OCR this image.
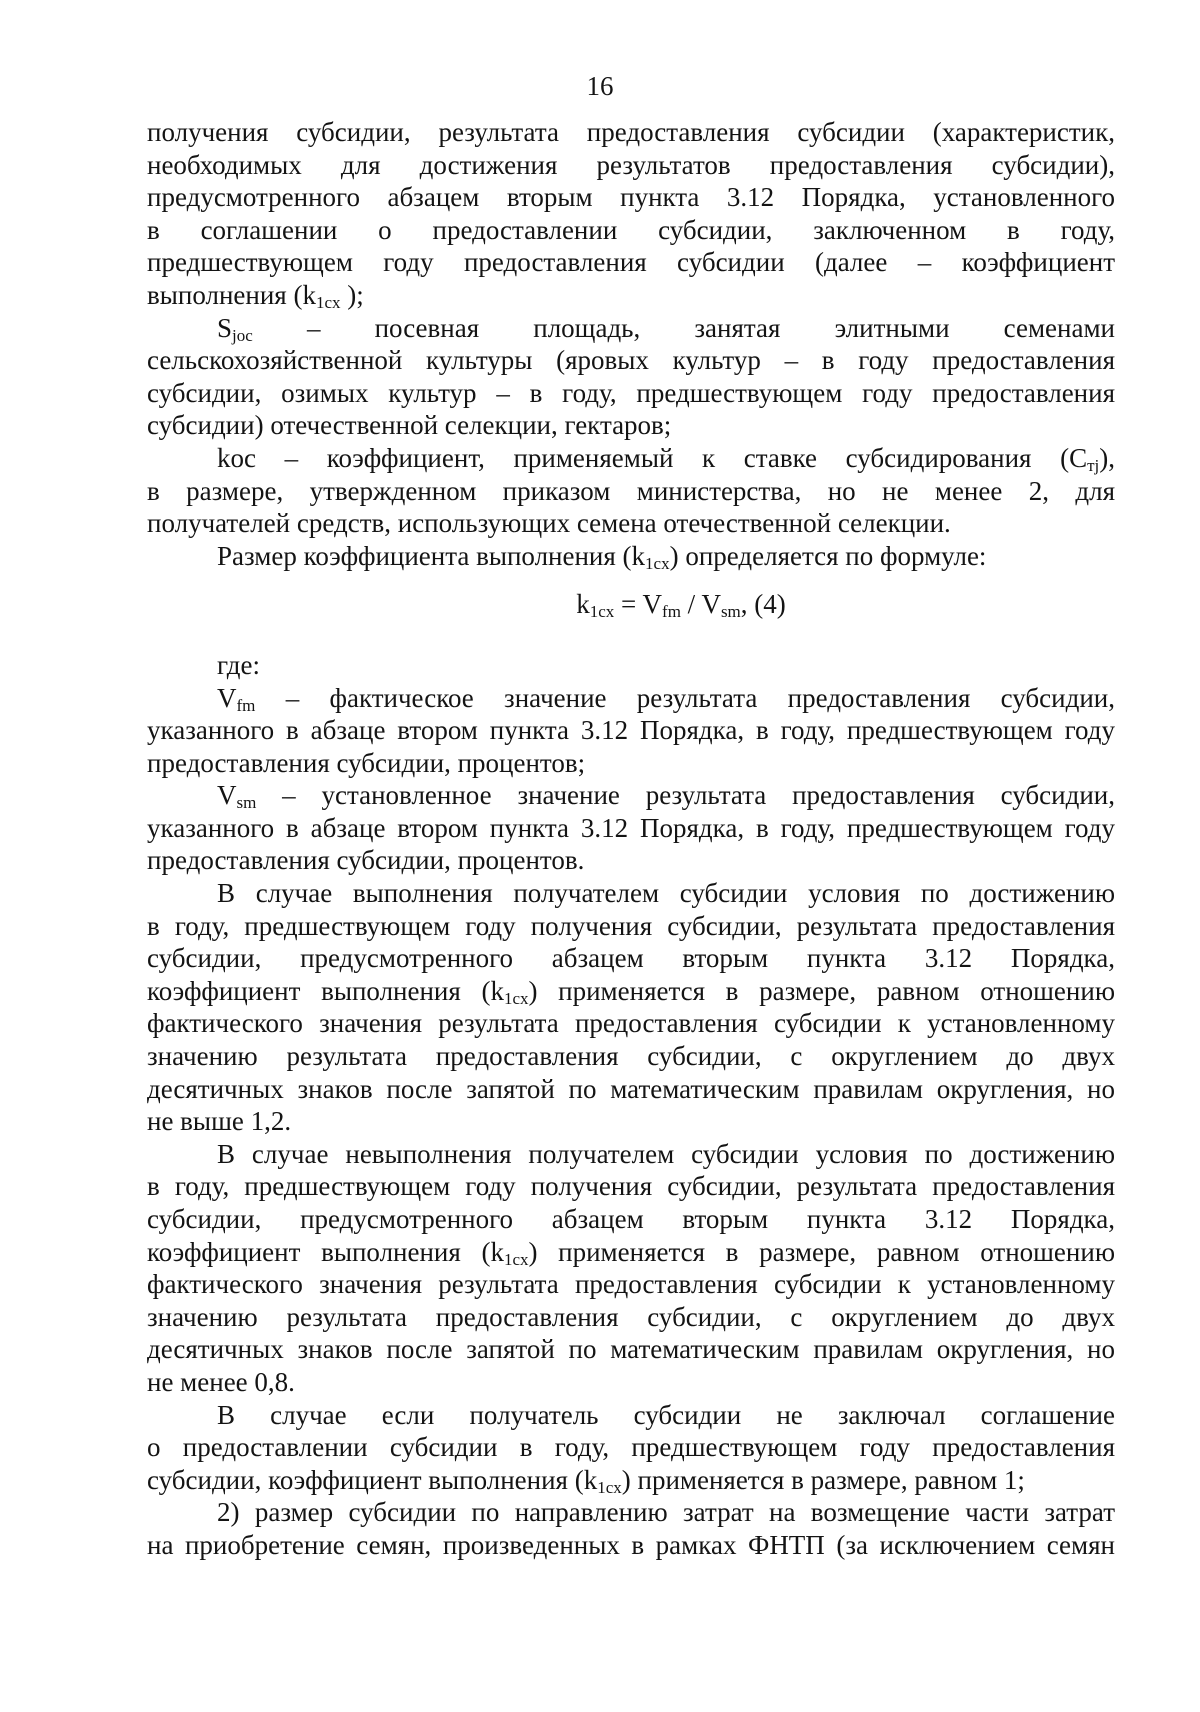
16
получения субсидии, результата предоставления субсидии (характеристик,
необходимых для достижения результатов предоставления субсидии),
предусмотренного абзацем вторым пункта 3.12 Порядка, установленного
в соглашении о предоставлении субсидии, заключенном в году,
предшествующем году предоставления субсидии (далее – коэффициент
выполнения ($k_{1cx}$ );
$S_{joc}$ – посевная площадь, занятая элитными семенами
сельскохозяйственной культуры (яровых культур – в году предоставления
субсидии, озимых культур – в году, предшествующем году предоставления
субсидии) отечественной селекции, гектаров;
koc – коэффициент, применяемый к ставке субсидирования $(С_{тj})$,
в размере, утвержденном приказом министерства, но не менее 2, для
получателей средств, использующих семена отечественной селекции.
Размер коэффициента выполнения $(k_{1cx})$ определяется по формуле:
$k_{1cx} = V_{fm} / V_{sm}$, (4)
где:
$V_{fm}$ – фактическое значение результата предоставления субсидии,
указанного в абзаце втором пункта 3.12 Порядка, в году, предшествующем году
предоставления субсидии, процентов;
$V_{sm}$ – установленное значение результата предоставления субсидии,
указанного в абзаце втором пункта 3.12 Порядка, в году, предшествующем году
предоставления субсидии, процентов.
В случае выполнения получателем субсидии условия по достижению
в году, предшествующем году получения субсидии, результата предоставления
субсидии, предусмотренного абзацем вторым пункта 3.12 Порядка,
коэффициент выполнения $(k_{1cx})$ применяется в размере, равном отношению
фактического значения результата предоставления субсидии к установленному
значению результата предоставления субсидии, с округлением до двух
десятичных знаков после запятой по математическим правилам округления, но
не выше 1,2.
В случае невыполнения получателем субсидии условия по достижению
в году, предшествующем году получения субсидии, результата предоставления
субсидии, предусмотренного абзацем вторым пункта 3.12 Порядка,
коэффициент выполнения $(k_{1cx})$ применяется в размере, равном отношению
фактического значения результата предоставления субсидии к установленному
значению результата предоставления субсидии, с округлением до двух
десятичных знаков после запятой по математическим правилам округления, но
не менее 0,8.
В случае если получатель субсидии не заключал соглашение
о предоставлении субсидии в году, предшествующем году предоставления
субсидии, коэффициент выполнения $(k_{1cx})$ применяется в размере, равном 1;
2) размер субсидии по направлению затрат на возмещение части затрат
на приобретение семян, произведенных в рамках ФНТП (за исключением семян
